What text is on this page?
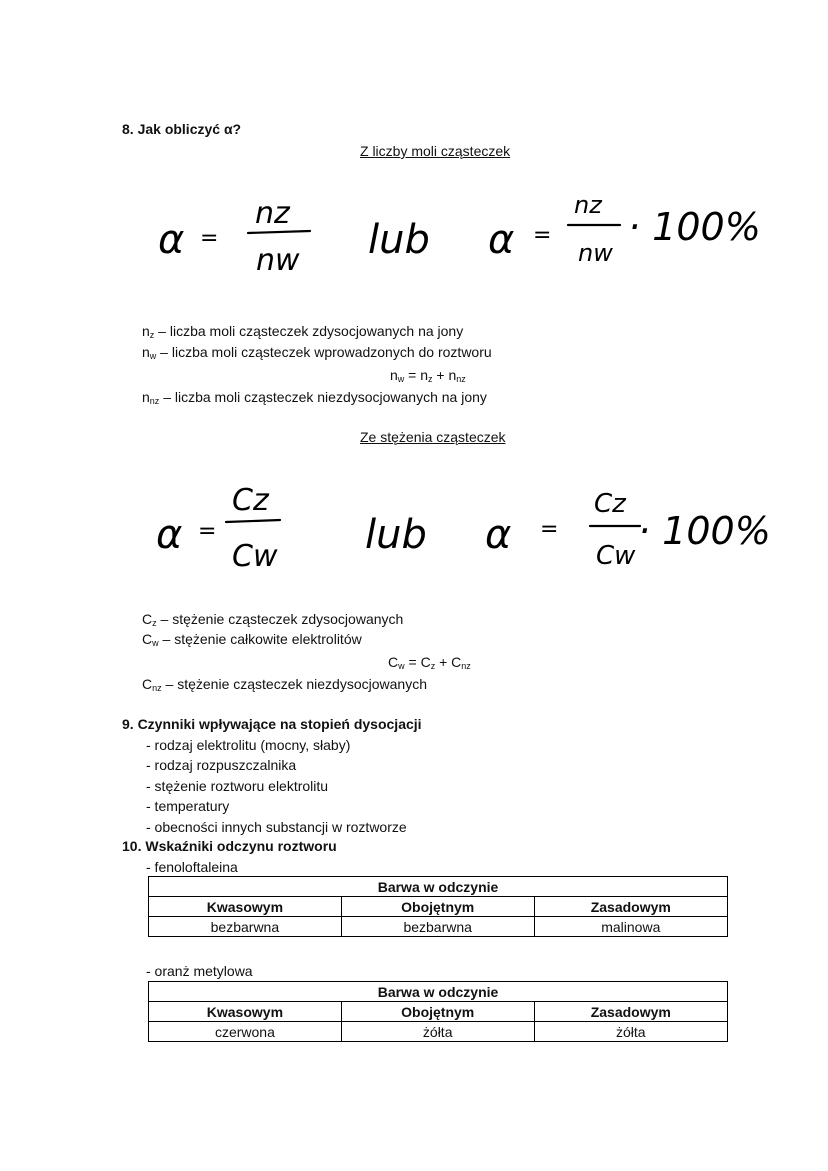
8. Jak obliczyć α?
Z liczby moli cząsteczek
α =
nz
nw lub α =
nz
nw
· 100%
$n_z$ – liczba moli cząsteczek zdysocjowanych na jony
$n_w$ – liczba moli cząsteczek wprowadzonych do roztworu
$n_w = n_z + n_{nz}$
$n_{nz}$ – liczba moli cząsteczek niezdysocjowanych na jony
Ze stężenia cząsteczek
α =
Cz
Cw lub α =
Cz
Cw
· 100%
$C_z$ – stężenie cząsteczek zdysocjowanych
$C_w$ – stężenie całkowite elektrolitów
$C_w = C_z + C_{nz}$
$C_{nz}$ – stężenie cząsteczek niezdysocjowanych
9. Czynniki wpływające na stopień dysocjacji
- rodzaj elektrolitu (mocny, słaby)
- rodzaj rozpuszczalnika
- stężenie roztworu elektrolitu
- temperatury
- obecności innych substancji w roztworze
10. Wskaźniki odczynu roztworu
- fenoloftaleina
Barwa w odczynie		
Kwasowym	Obojętnym	Zasadowym
bezbarwna	bezbarwna	malinowa
- oranż metylowa
Barwa w odczynie		
Kwasowym	Obojętnym	Zasadowym
czerwona	żółta	żółta
